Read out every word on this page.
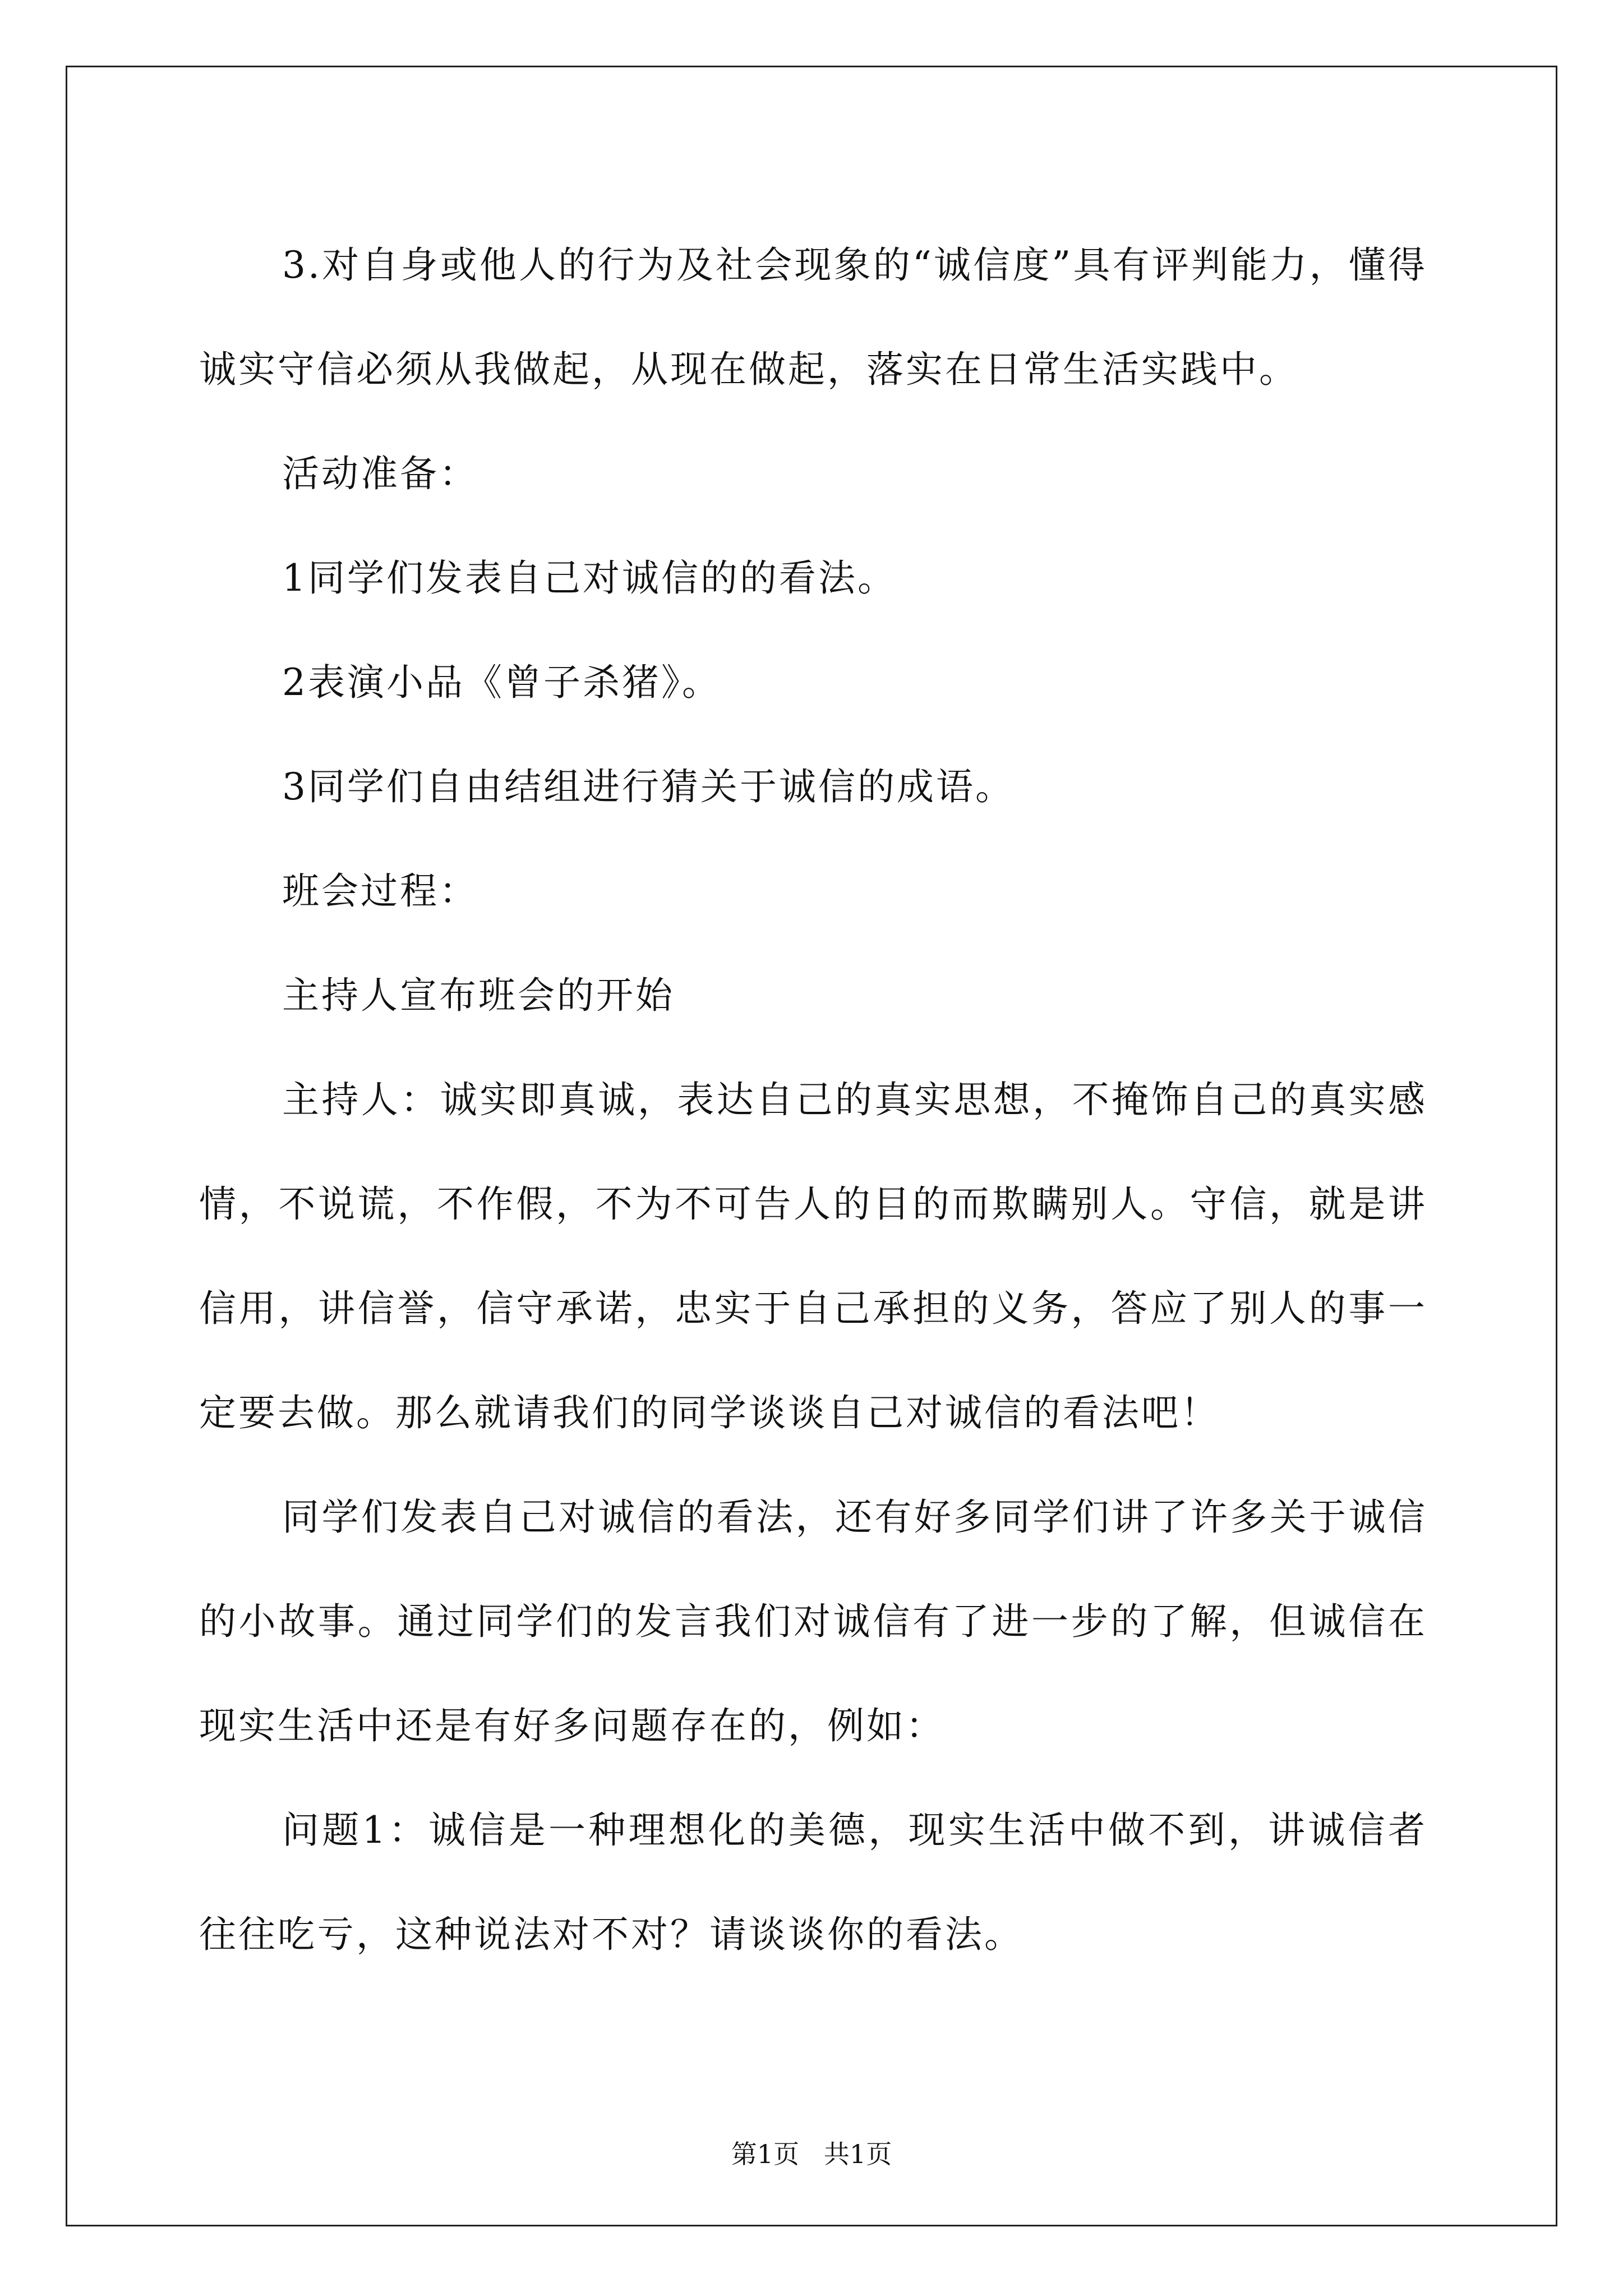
3.对自身或他人的行为及社会现象的“诚信度”具有评判能力，懂得诚实守信必须从我做起，从现在做起，落实在日常生活实践中。

活动准备：

1同学们发表自己对诚信的的看法。

2表演小品《曾子杀猪》。

3同学们自由结组进行猜关于诚信的成语。

班会过程：

主持人宣布班会的开始

主持人：诚实即真诚，表达自己的真实思想，不掩饰自己的真实感情，不说谎，不作假，不为不可告人的目的而欺瞒别人。守信，就是讲信用，讲信誉，信守承诺，忠实于自己承担的义务，答应了别人的事一定要去做。那么就请我们的同学谈谈自己对诚信的看法吧！

同学们发表自己对诚信的看法，还有好多同学们讲了许多关于诚信的小故事。通过同学们的发言我们对诚信有了进一步的了解，但诚信在现实生活中还是有好多问题存在的，例如：

问题1：诚信是一种理想化的美德，现实生活中做不到，讲诚信者往往吃亏，这种说法对不对？请谈谈你的看法。

第1页   共1页
